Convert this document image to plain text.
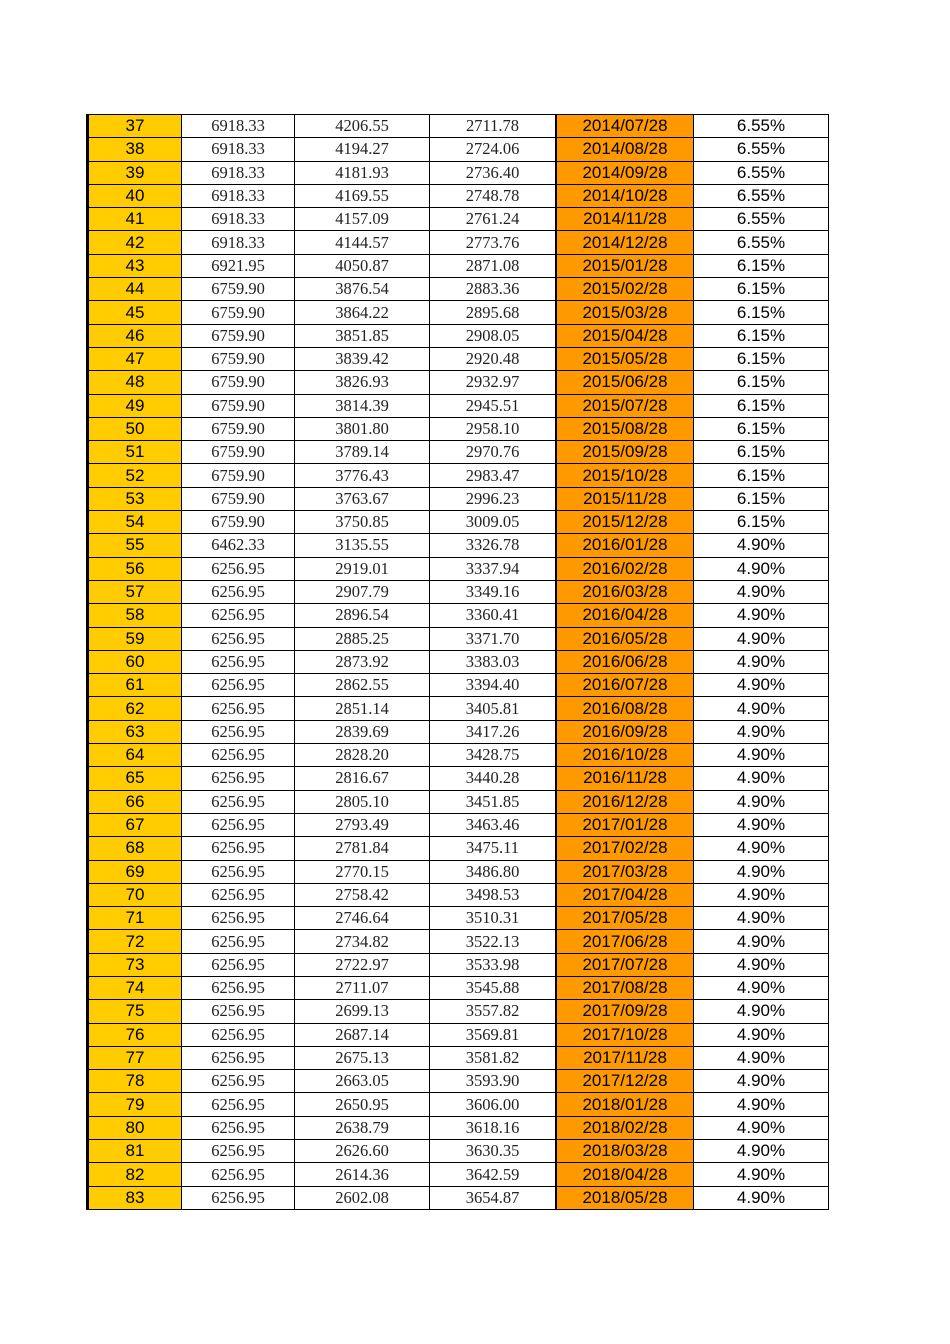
37	6918.33	4206.55	2711.78	2014/07/28	6.55%
38	6918.33	4194.27	2724.06	2014/08/28	6.55%
39	6918.33	4181.93	2736.40	2014/09/28	6.55%
40	6918.33	4169.55	2748.78	2014/10/28	6.55%
41	6918.33	4157.09	2761.24	2014/11/28	6.55%
42	6918.33	4144.57	2773.76	2014/12/28	6.55%
43	6921.95	4050.87	2871.08	2015/01/28	6.15%
44	6759.90	3876.54	2883.36	2015/02/28	6.15%
45	6759.90	3864.22	2895.68	2015/03/28	6.15%
46	6759.90	3851.85	2908.05	2015/04/28	6.15%
47	6759.90	3839.42	2920.48	2015/05/28	6.15%
48	6759.90	3826.93	2932.97	2015/06/28	6.15%
49	6759.90	3814.39	2945.51	2015/07/28	6.15%
50	6759.90	3801.80	2958.10	2015/08/28	6.15%
51	6759.90	3789.14	2970.76	2015/09/28	6.15%
52	6759.90	3776.43	2983.47	2015/10/28	6.15%
53	6759.90	3763.67	2996.23	2015/11/28	6.15%
54	6759.90	3750.85	3009.05	2015/12/28	6.15%
55	6462.33	3135.55	3326.78	2016/01/28	4.90%
56	6256.95	2919.01	3337.94	2016/02/28	4.90%
57	6256.95	2907.79	3349.16	2016/03/28	4.90%
58	6256.95	2896.54	3360.41	2016/04/28	4.90%
59	6256.95	2885.25	3371.70	2016/05/28	4.90%
60	6256.95	2873.92	3383.03	2016/06/28	4.90%
61	6256.95	2862.55	3394.40	2016/07/28	4.90%
62	6256.95	2851.14	3405.81	2016/08/28	4.90%
63	6256.95	2839.69	3417.26	2016/09/28	4.90%
64	6256.95	2828.20	3428.75	2016/10/28	4.90%
65	6256.95	2816.67	3440.28	2016/11/28	4.90%
66	6256.95	2805.10	3451.85	2016/12/28	4.90%
67	6256.95	2793.49	3463.46	2017/01/28	4.90%
68	6256.95	2781.84	3475.11	2017/02/28	4.90%
69	6256.95	2770.15	3486.80	2017/03/28	4.90%
70	6256.95	2758.42	3498.53	2017/04/28	4.90%
71	6256.95	2746.64	3510.31	2017/05/28	4.90%
72	6256.95	2734.82	3522.13	2017/06/28	4.90%
73	6256.95	2722.97	3533.98	2017/07/28	4.90%
74	6256.95	2711.07	3545.88	2017/08/28	4.90%
75	6256.95	2699.13	3557.82	2017/09/28	4.90%
76	6256.95	2687.14	3569.81	2017/10/28	4.90%
77	6256.95	2675.13	3581.82	2017/11/28	4.90%
78	6256.95	2663.05	3593.90	2017/12/28	4.90%
79	6256.95	2650.95	3606.00	2018/01/28	4.90%
80	6256.95	2638.79	3618.16	2018/02/28	4.90%
81	6256.95	2626.60	3630.35	2018/03/28	4.90%
82	6256.95	2614.36	3642.59	2018/04/28	4.90%
83	6256.95	2602.08	3654.87	2018/05/28	4.90%
